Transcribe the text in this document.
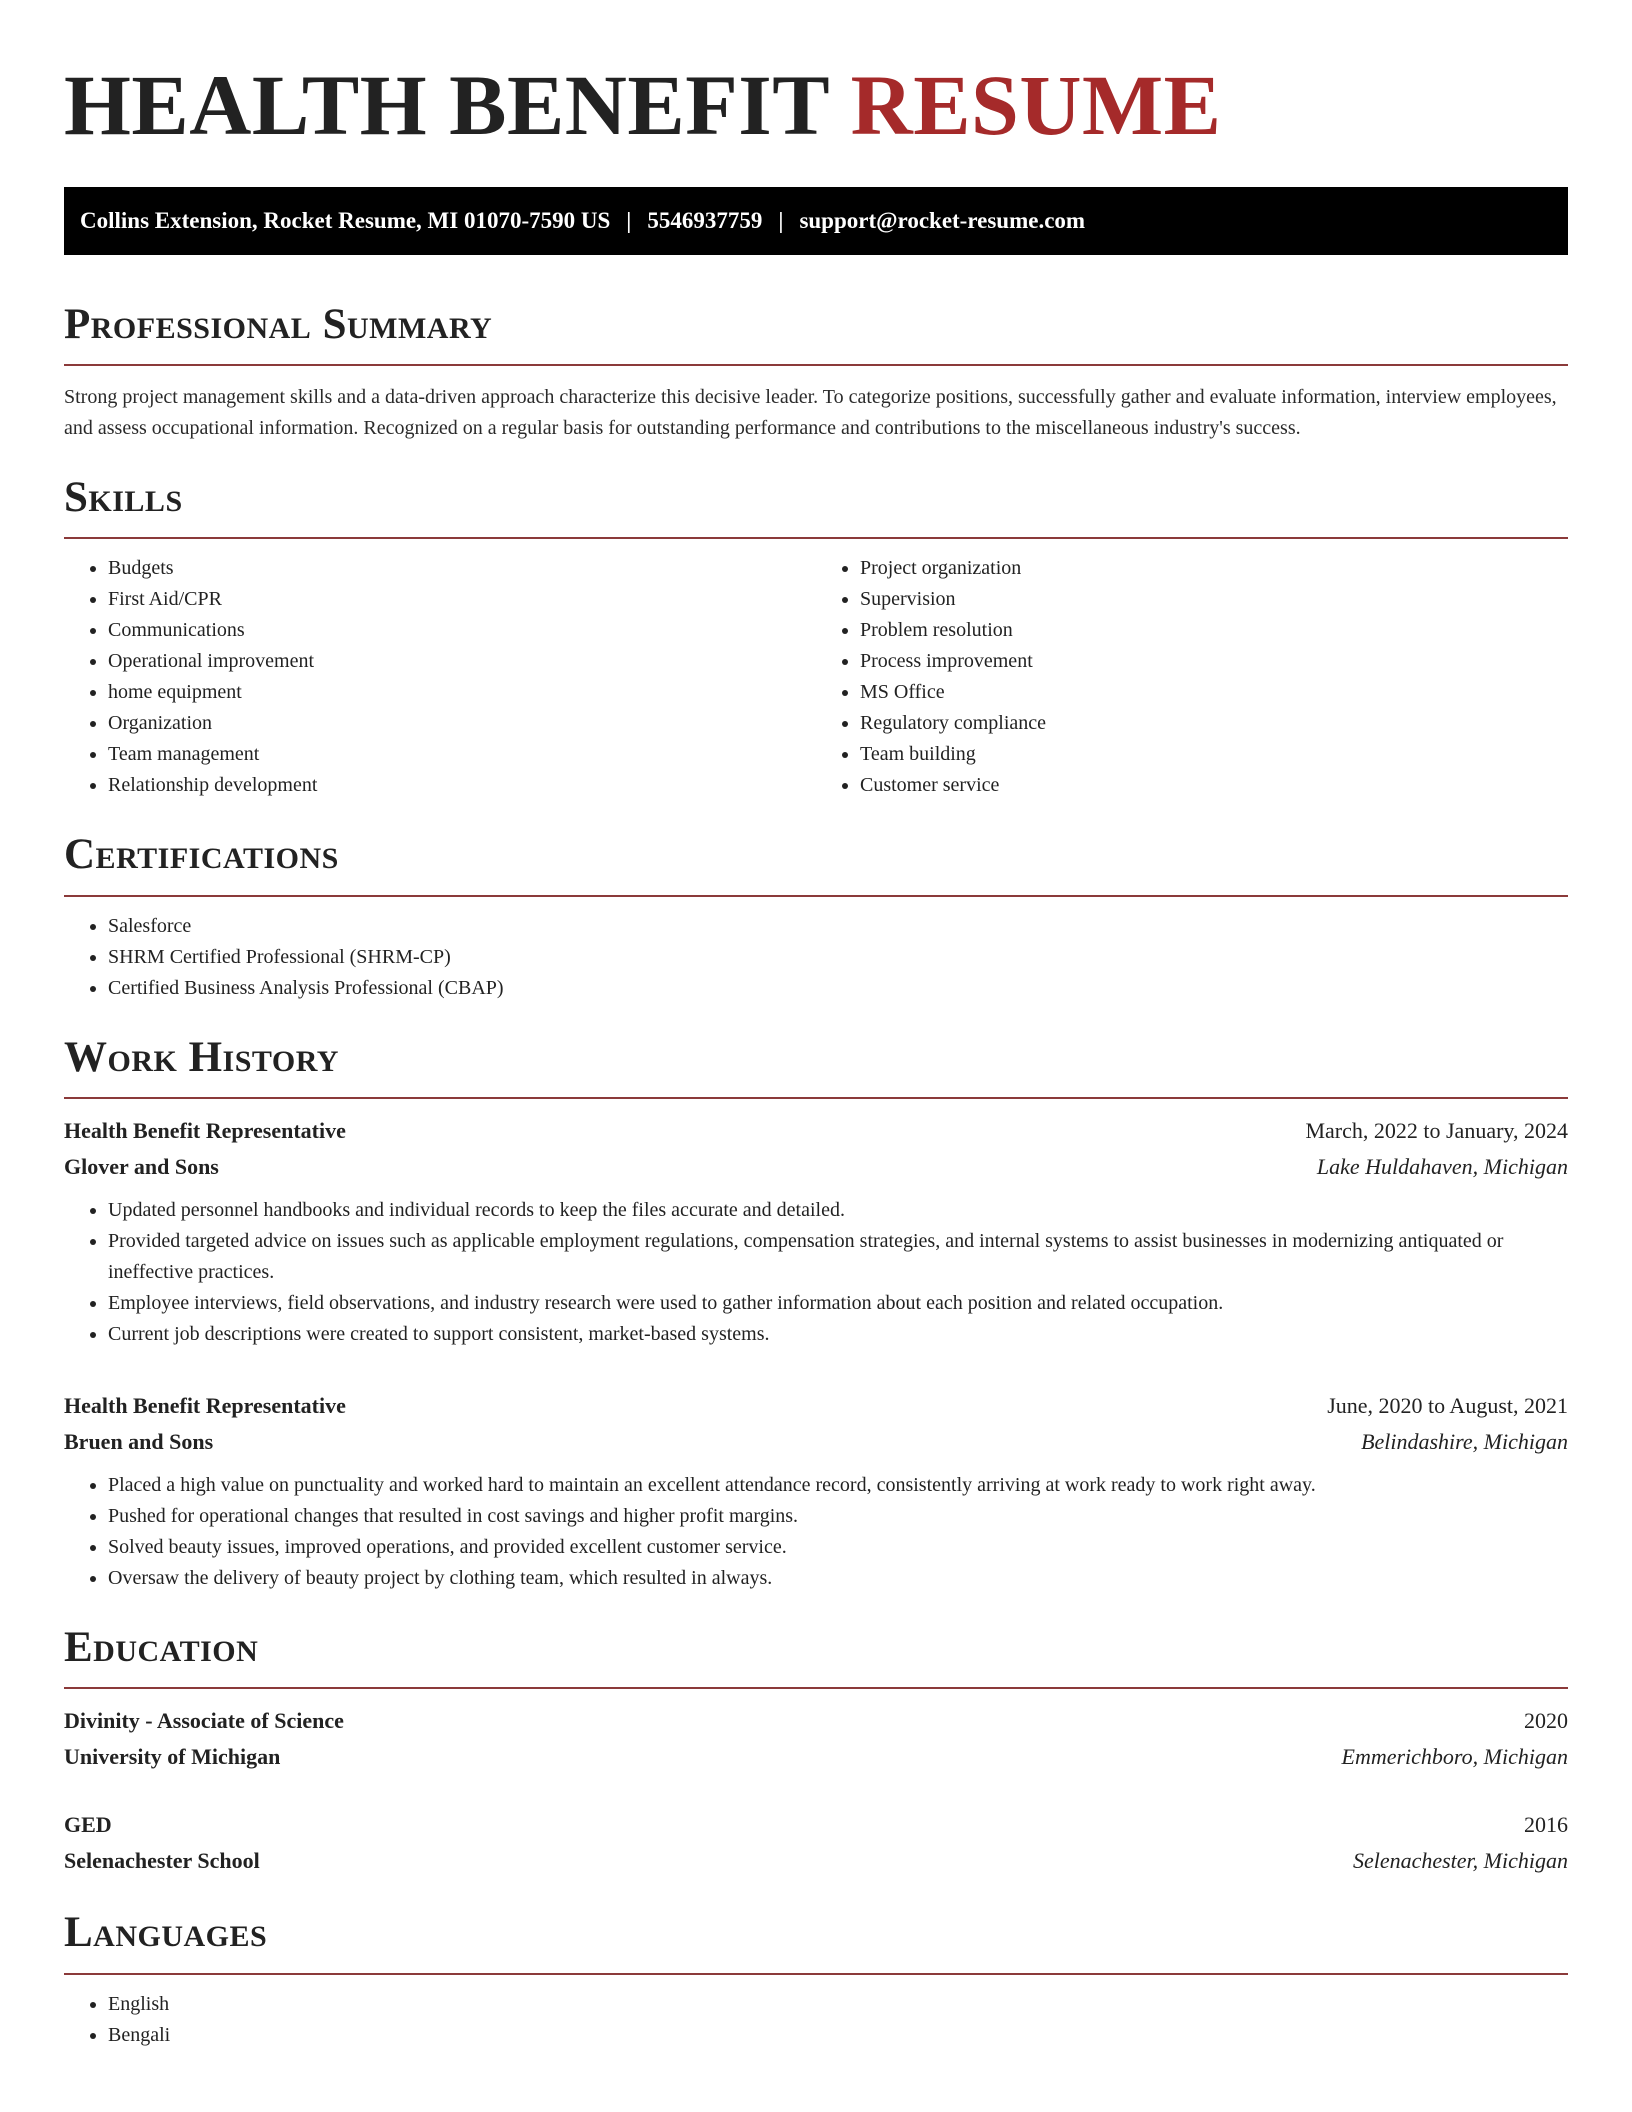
HEALTH BENEFIT RESUME
Collins Extension, Rocket Resume, MI 01070-7590 US | 5546937759 | support@rocket-resume.com
Professional Summary

Strong project management skills and a data-driven approach characterize this decisive leader. To categorize positions, successfully gather and evaluate information, interview employees, and assess occupational information. Recognized on a regular basis for outstanding performance and contributions to the miscellaneous industry's success.

Skills
• Budgets
• First Aid/CPR
• Communications
• Operational improvement
• home equipment
• Organization
• Team management
• Relationship development
• Project organization
• Supervision
• Problem resolution
• Process improvement
• MS Office
• Regulatory compliance
• Team building
• Customer service
Certifications
• Salesforce
• SHRM Certified Professional (SHRM-CP)
• Certified Business Analysis Professional (CBAP)
Work History
Health Benefit Representative	March, 2022 to January, 2024
Glover and Sons	Lake Huldahaven, Michigan
• Updated personnel handbooks and individual records to keep the files accurate and detailed.
• Provided targeted advice on issues such as applicable employment regulations, compensation strategies, and internal systems to assist businesses in modernizing antiquated or ineffective practices.
• Employee interviews, field observations, and industry research were used to gather information about each position and related occupation.
• Current job descriptions were created to support consistent, market-based systems.
Health Benefit Representative	June, 2020 to August, 2021
Bruen and Sons	Belindashire, Michigan
• Placed a high value on punctuality and worked hard to maintain an excellent attendance record, consistently arriving at work ready to work right away.
• Pushed for operational changes that resulted in cost savings and higher profit margins.
• Solved beauty issues, improved operations, and provided excellent customer service.
• Oversaw the delivery of beauty project by clothing team, which resulted in always.
Education
Divinity - Associate of Science	2020
University of Michigan	Emmerichboro, Michigan
GED	2016
Selenachester School	Selenachester, Michigan
Languages
• English
• Bengali
